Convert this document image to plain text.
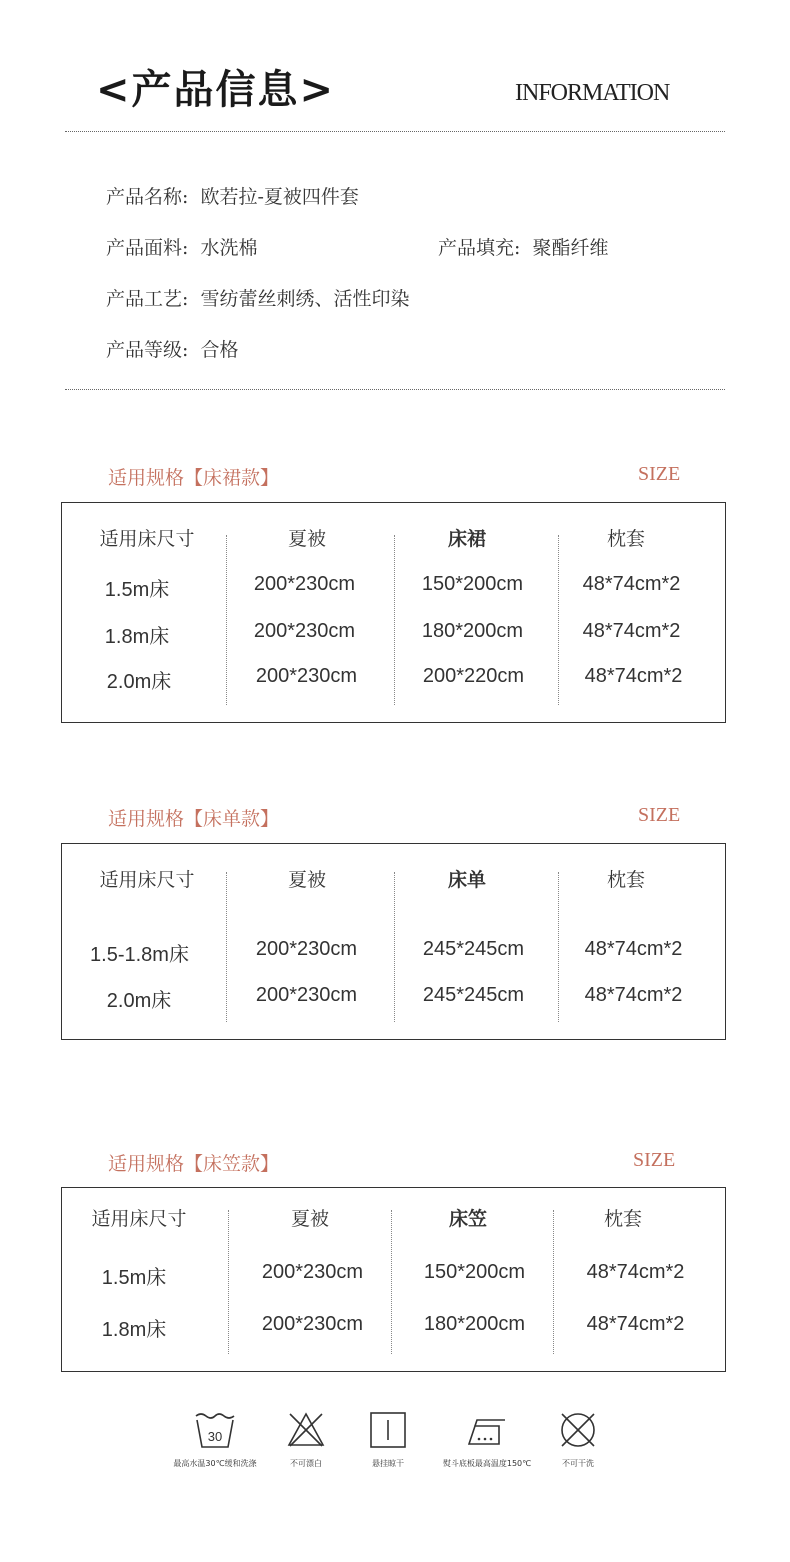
<产品信息>	INFORMATION
产品名称: 欧若拉-夏被四件套
产品面料: 水洗棉	产品填充: 聚酯纤维
产品工艺: 雪纺蕾丝刺绣、活性印染
产品等级: 合格
适用规格【床裙款】	SIZE
适用床尺寸	夏被	床裙	枕套
1.5m床	200*230cm	150*200cm	48*74cm*2
1.8m床	200*230cm	180*200cm	48*74cm*2
2.0m床	200*230cm	200*220cm	48*74cm*2
适用规格【床单款】	SIZE
适用床尺寸	夏被	床单	枕套
1.5-1.8m床	200*230cm	245*245cm	48*74cm*2
2.0m床	200*230cm	245*245cm	48*74cm*2
适用规格【床笠款】	SIZE
适用床尺寸	夏被	床笠	枕套
1.5m床	200*230cm	150*200cm	48*74cm*2
1.8m床	200*230cm	180*200cm	48*74cm*2
30
最高水温30℃缓和洗涤	不可漂白	悬挂晾干	熨斗底板最高温度150℃	不可干洗
